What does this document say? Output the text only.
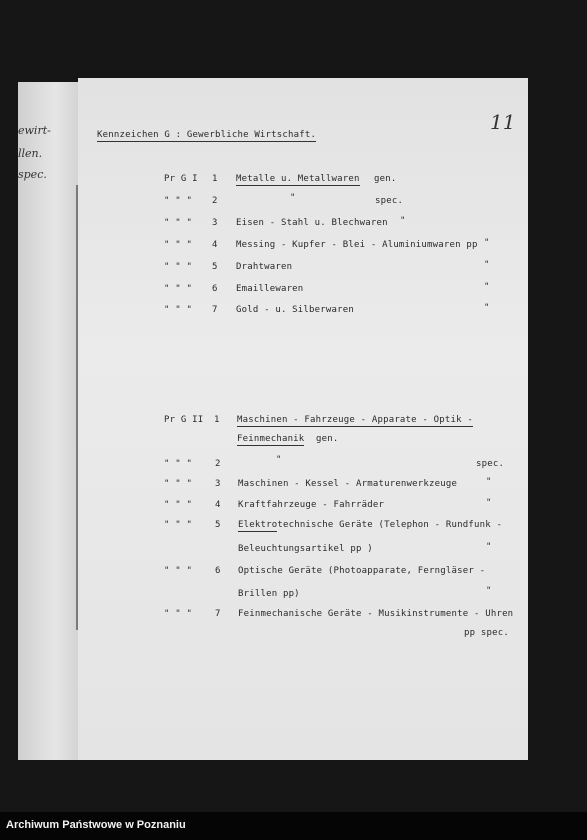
ewirt-
llen.
spec.
11
Kennzeichen G : Gewerbliche Wirtschaft.
Pr G I 1 Metalle u. Metallwaren gen.
" " " 2	"	spec.
" " " 3 Eisen - Stahl u. Blechwaren "
" " " 4 Messing - Kupfer - Blei - Aluminiumwaren pp "
" " " 5 Drahtwaren	"
" " " 6 Emaillewaren	"
" " " 7 Gold - u. Silberwaren	"
Pr G II 1 Maschinen - Fahrzeuge - Apparate - Optik -
Feinmechanik gen.
" " "	2	"	spec.
" " "	3 Maschinen - Kessel - Armaturenwerkzeuge	"
" " "	4 Kraftfahrzeuge - Fahrräder	"
" " "	5 Elektrotechnische Geräte (Telephon - Rundfunk -
Beleuchtungsartikel pp )	"
" " "	6 Optische Geräte (Photoapparate, Ferngläser -
Brillen pp)	"
" " "	7 Feinmechanische Geräte - Musikinstrumente - Uhren
pp spec.
Archiwum Państwowe w Poznaniu
